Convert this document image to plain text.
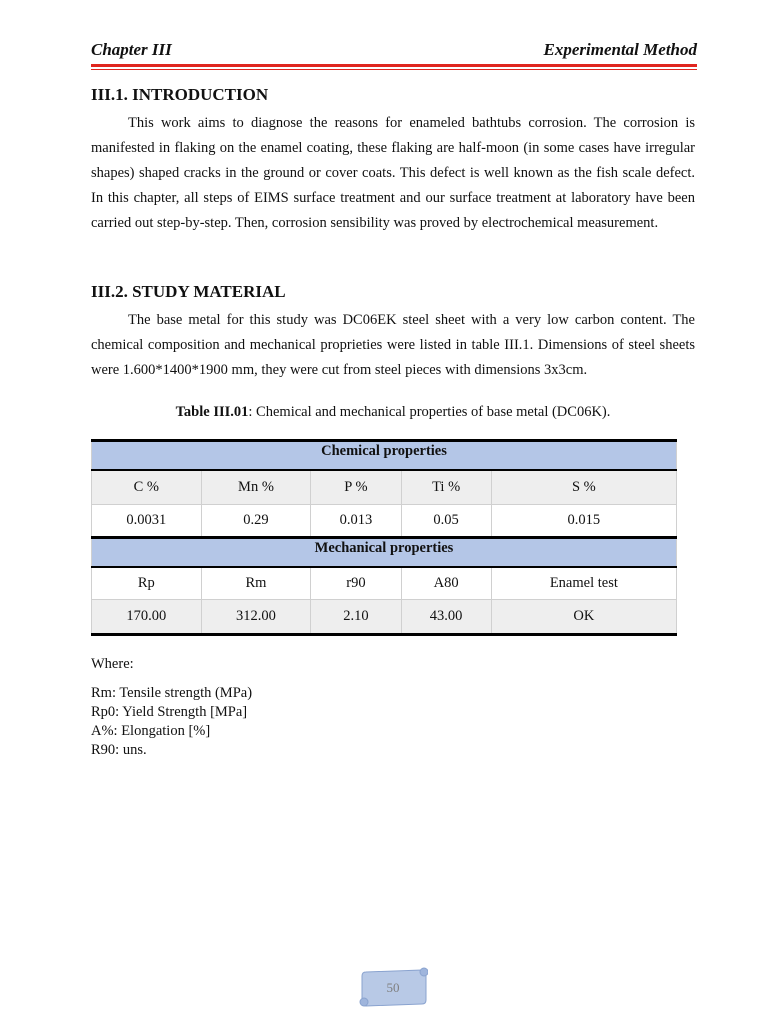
Chapter III	Experimental Method
III.1. INTRODUCTION

This work aims to diagnose the reasons for enameled bathtubs corrosion. The corrosion is manifested in flaking on the enamel coating, these flaking are half-moon (in some cases have irregular shapes) shaped cracks in the ground or cover coats. This defect is well known as the fish scale defect. In this chapter, all steps of EIMS surface treatment and our surface treatment at laboratory have been carried out step-by-step. Then, corrosion sensibility was proved by electrochemical measurement.

III.2. STUDY MATERIAL

The base metal for this study was DC06EK steel sheet with a very low carbon content. The chemical composition and mechanical proprieties were listed in table III.1. Dimensions of steel sheets were 1.600*1400*1900 mm, they were cut from steel pieces with dimensions 3x3cm.

Table III.01: Chemical and mechanical properties of base metal (DC06K).
Chemical properties				
C %	Mn %	P %	Ti %	S %
0.0031	0.29	0.013	0.05	0.015
Mechanical properties				
Rp	Rm	r90	A80	Enamel test
170.00	312.00	2.10	43.00	OK

Where:

Rm: Tensile strength (MPa)

Rp0: Yield Strength [MPa]

A%: Elongation [%]

R90: uns.

50
